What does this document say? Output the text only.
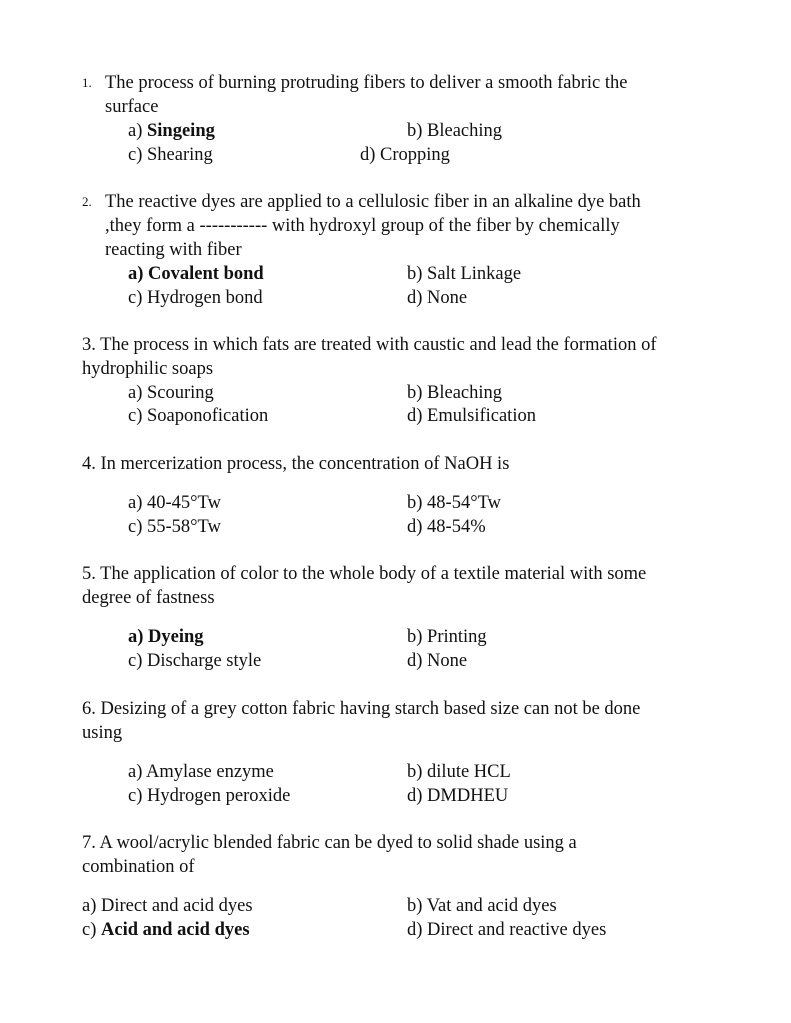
1. The process of burning protruding fibers to deliver a smooth fabric the
surface
a) Singeing	b) Bleaching
c) Shearing	d) Cropping
2. The reactive dyes are applied to a cellulosic fiber in an alkaline dye bath
,they form a ----------- with hydroxyl group of the fiber by chemically
reacting with fiber
a) Covalent bond	b) Salt Linkage
c) Hydrogen bond	d) None
3. The process in which fats are treated with caustic and lead the formation of
hydrophilic soaps
a) Scouring	b) Bleaching
c) Soaponofication	d) Emulsification
4. In mercerization process, the concentration of NaOH is
a) 40-45°Tw	b) 48-54°Tw
c) 55-58°Tw	d) 48-54%
5. The application of color to the whole body of a textile material with some
degree of fastness
a) Dyeing	b) Printing
c) Discharge style	d) None
6. Desizing of a grey cotton fabric having starch based size can not be done
using
a) Amylase enzyme	b) dilute HCL
c) Hydrogen peroxide	d) DMDHEU
7. A wool/acrylic blended fabric can be dyed to solid shade using a
combination of
a) Direct and acid dyes	b) Vat and acid dyes
c) Acid and acid dyes	d) Direct and reactive dyes
